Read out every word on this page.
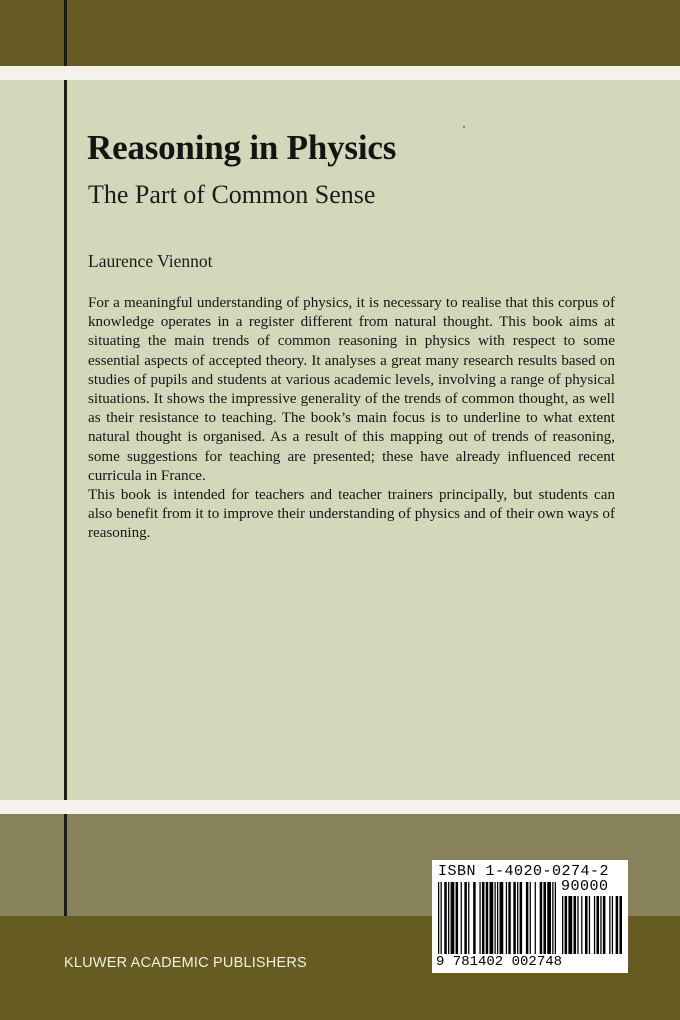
Reasoning in Physics
The Part of Common Sense
Laurence Viennot

For a meaningful understanding of physics, it is necessary to realise that this corpus of knowledge operates in a register different from natural thought. This book aims at situating the main trends of common reasoning in physics with respect to some essential aspects of accepted theory. It analyses a great many research results based on studies of pupils and students at various academic levels, involving a range of physical situations. It shows the impressive generality of the trends of common thought, as well as their resistance to teaching. The book’s main focus is to underline to what extent natural thought is organised. As a result of this mapping out of trends of reasoning, some suggestions for teaching are presented; these have already influenced recent curricula in France.

This book is intended for teachers and teacher trainers principally, but students can also benefit from it to improve their understanding of physics and of their own ways of reasoning.

KLUWER ACADEMIC PUBLISHERS
ISBN 1-4020-0274-2
90000
9 781402 002748
